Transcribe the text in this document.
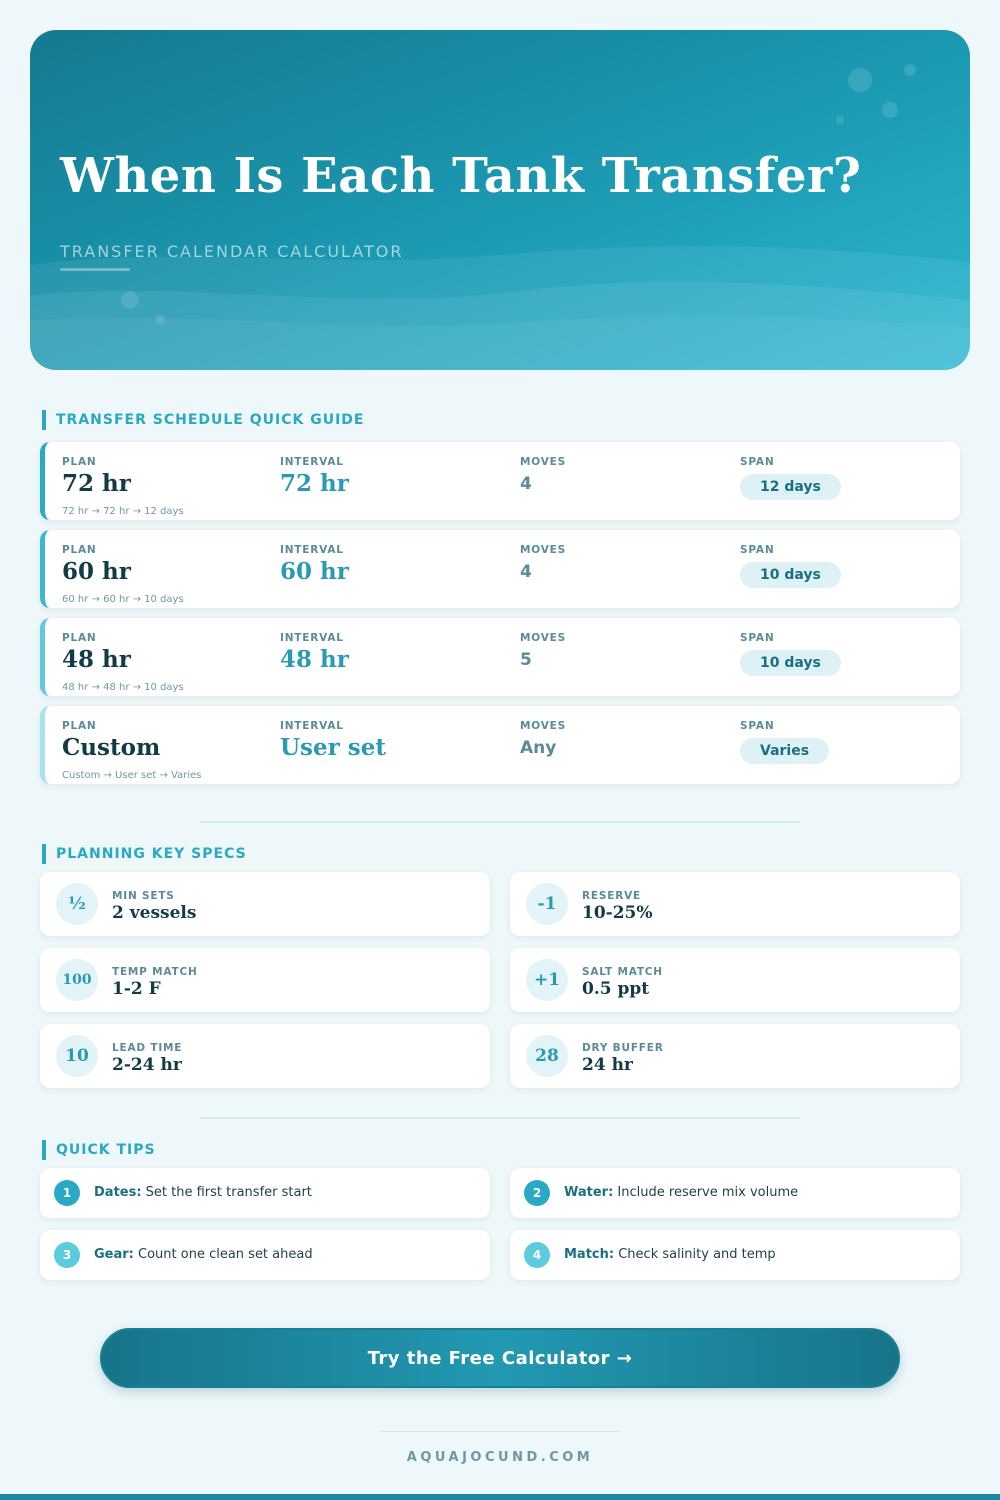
When Is Each Tank Transfer?
TRANSFER CALENDAR CALCULATOR
TRANSFER SCHEDULE QUICK GUIDE
PLAN
72 hr
INTERVAL
72 hr
MOVES
4
SPAN
12 days
72 hr → 72 hr → 12 days
PLAN
60 hr
INTERVAL
60 hr
MOVES
4
SPAN
10 days
60 hr → 60 hr → 10 days
PLAN
48 hr
INTERVAL
48 hr
MOVES
5
SPAN
10 days
48 hr → 48 hr → 10 days
PLAN
Custom
INTERVAL
User set
MOVES
Any
SPAN
Varies
Custom → User set → Varies
PLANNING KEY SPECS
½	MIN SETS
2 vessels	-1	RESERVE
10-25%
100	TEMP MATCH
1-2 F	+1	SALT MATCH
0.5 ppt
10	LEAD TIME
2-24 hr	28	DRY BUFFER
24 hr
QUICK TIPS
1	Dates: Set the first transfer start	2	Water: Include reserve mix volume
3	Gear: Count one clean set ahead	4	Match: Check salinity and temp
Try the Free Calculator →
AQUAJOCUND.COM
